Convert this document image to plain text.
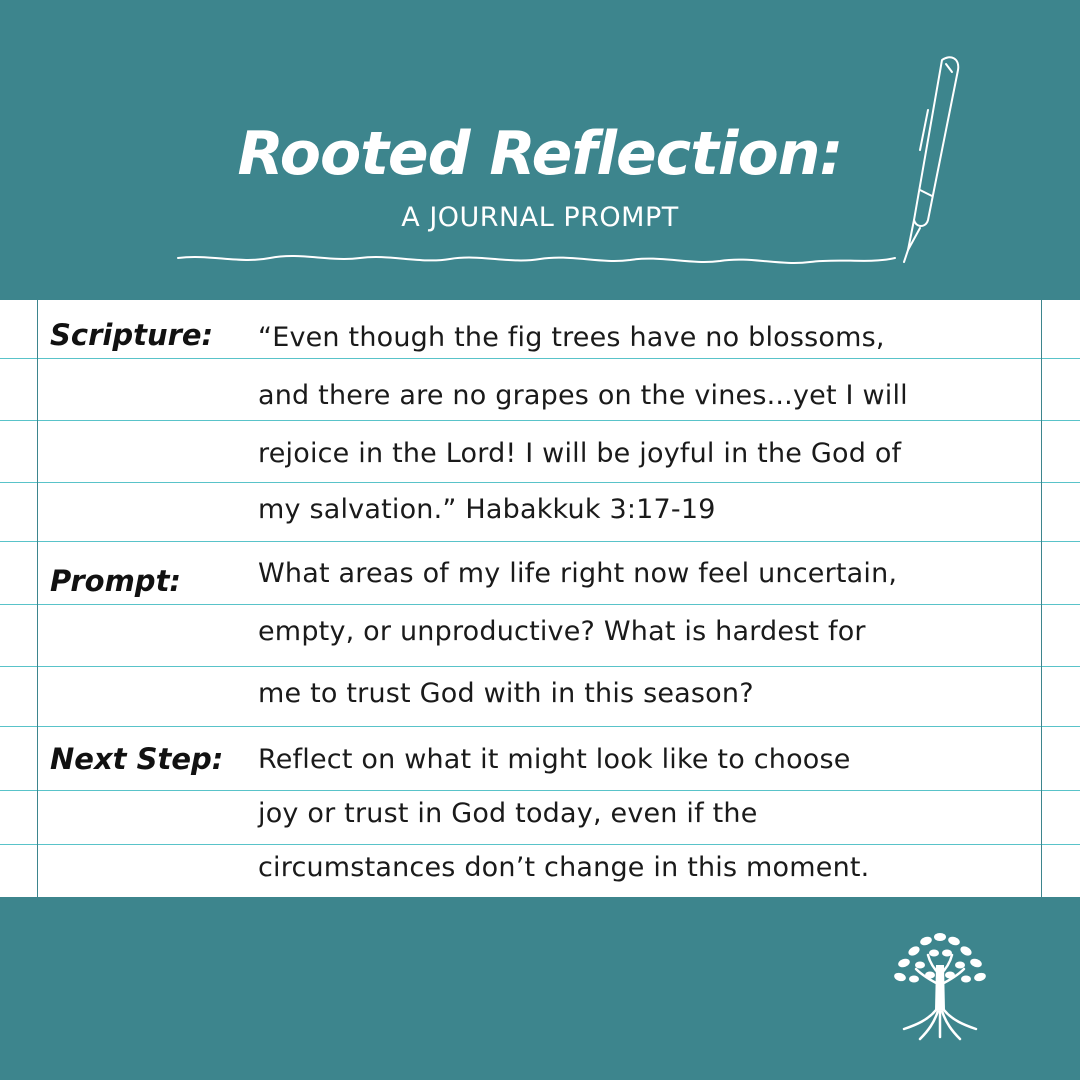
Rooted Reflection:
A JOURNAL PROMPT
Scripture: “Even though the fig trees have no blossoms,
and there are no grapes on the vines...yet I will
rejoice in the Lord! I will be joyful in the God of
my salvation.” Habakkuk 3:17-19
Prompt:	What areas of my life right now feel uncertain,
empty, or unproductive? What is hardest for
me to trust God with in this season?
Next Step: Reflect on what it might look like to choose
joy or trust in God today, even if the
circumstances don’t change in this moment.
